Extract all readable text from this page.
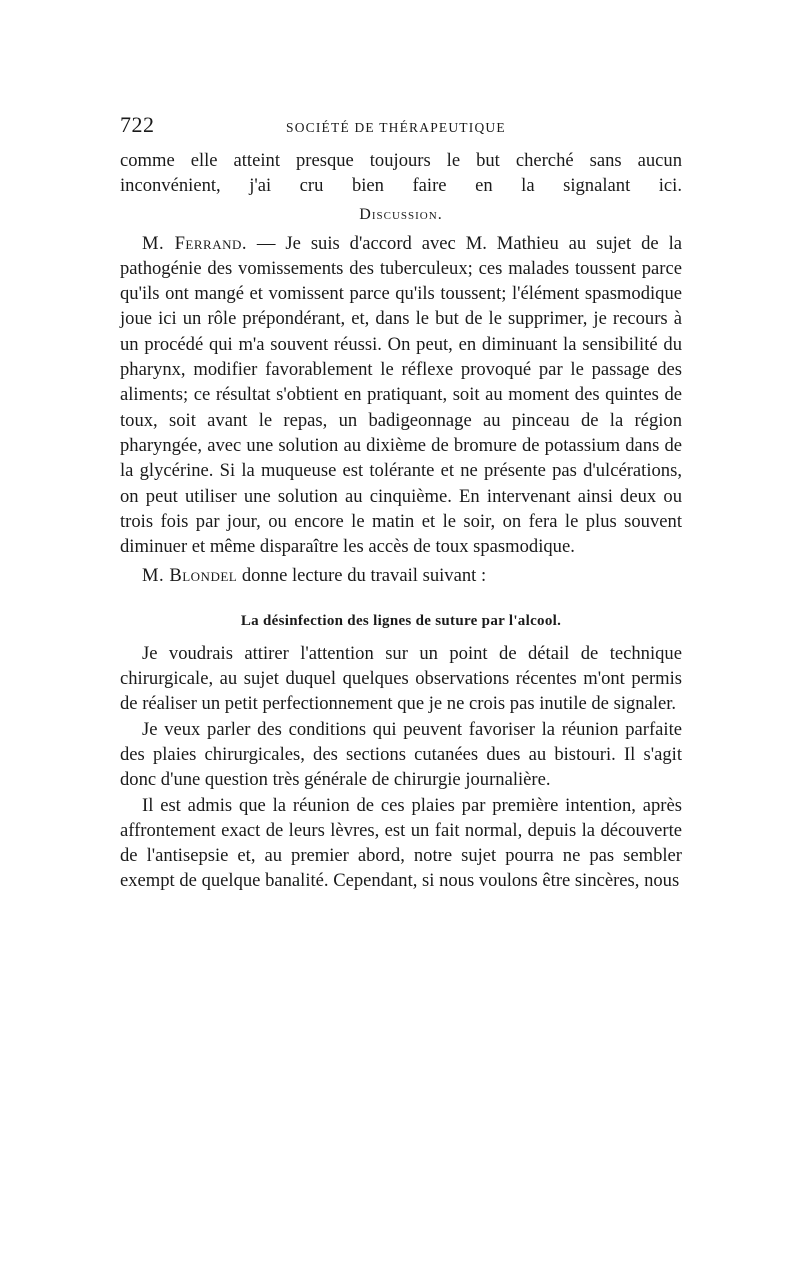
722	SOCIÉTÉ DE THÉRAPEUTIQUE

comme elle atteint presque toujours le but cherché sans aucun inconvénient, j'ai cru bien faire en la signalant ici.

Discussion.

M. Ferrand. — Je suis d'accord avec M. Mathieu au sujet de la pathogénie des vomissements des tuberculeux; ces malades toussent parce qu'ils ont mangé et vomissent parce qu'ils toussent; l'élément spasmodique joue ici un rôle prépondérant, et, dans le but de le supprimer, je recours à un procédé qui m'a souvent réussi. On peut, en diminuant la sensibilité du pharynx, modifier favorablement le réflexe provoqué par le passage des aliments; ce résultat s'obtient en pratiquant, soit au moment des quintes de toux, soit avant le repas, un badigeonnage au pinceau de la région pharyngée, avec une solution au dixième de bromure de potassium dans de la glycérine. Si la muqueuse est tolérante et ne présente pas d'ulcérations, on peut utiliser une solution au cinquième. En intervenant ainsi deux ou trois fois par jour, ou encore le matin et le soir, on fera le plus souvent diminuer et même disparaître les accès de toux spasmodique.

M. Blondel donne lecture du travail suivant :

La désinfection des lignes de suture par l'alcool.

Je voudrais attirer l'attention sur un point de détail de technique chirurgicale, au sujet duquel quelques observations récentes m'ont permis de réaliser un petit perfectionnement que je ne crois pas inutile de signaler.

Je veux parler des conditions qui peuvent favoriser la réunion parfaite des plaies chirurgicales, des sections cutanées dues au bistouri. Il s'agit donc d'une question très générale de chirurgie journalière.

Il est admis que la réunion de ces plaies par première intention, après affrontement exact de leurs lèvres, est un fait normal, depuis la découverte de l'antisepsie et, au premier abord, notre sujet pourra ne pas sembler exempt de quelque banalité. Cependant, si nous voulons être sincères, nous
